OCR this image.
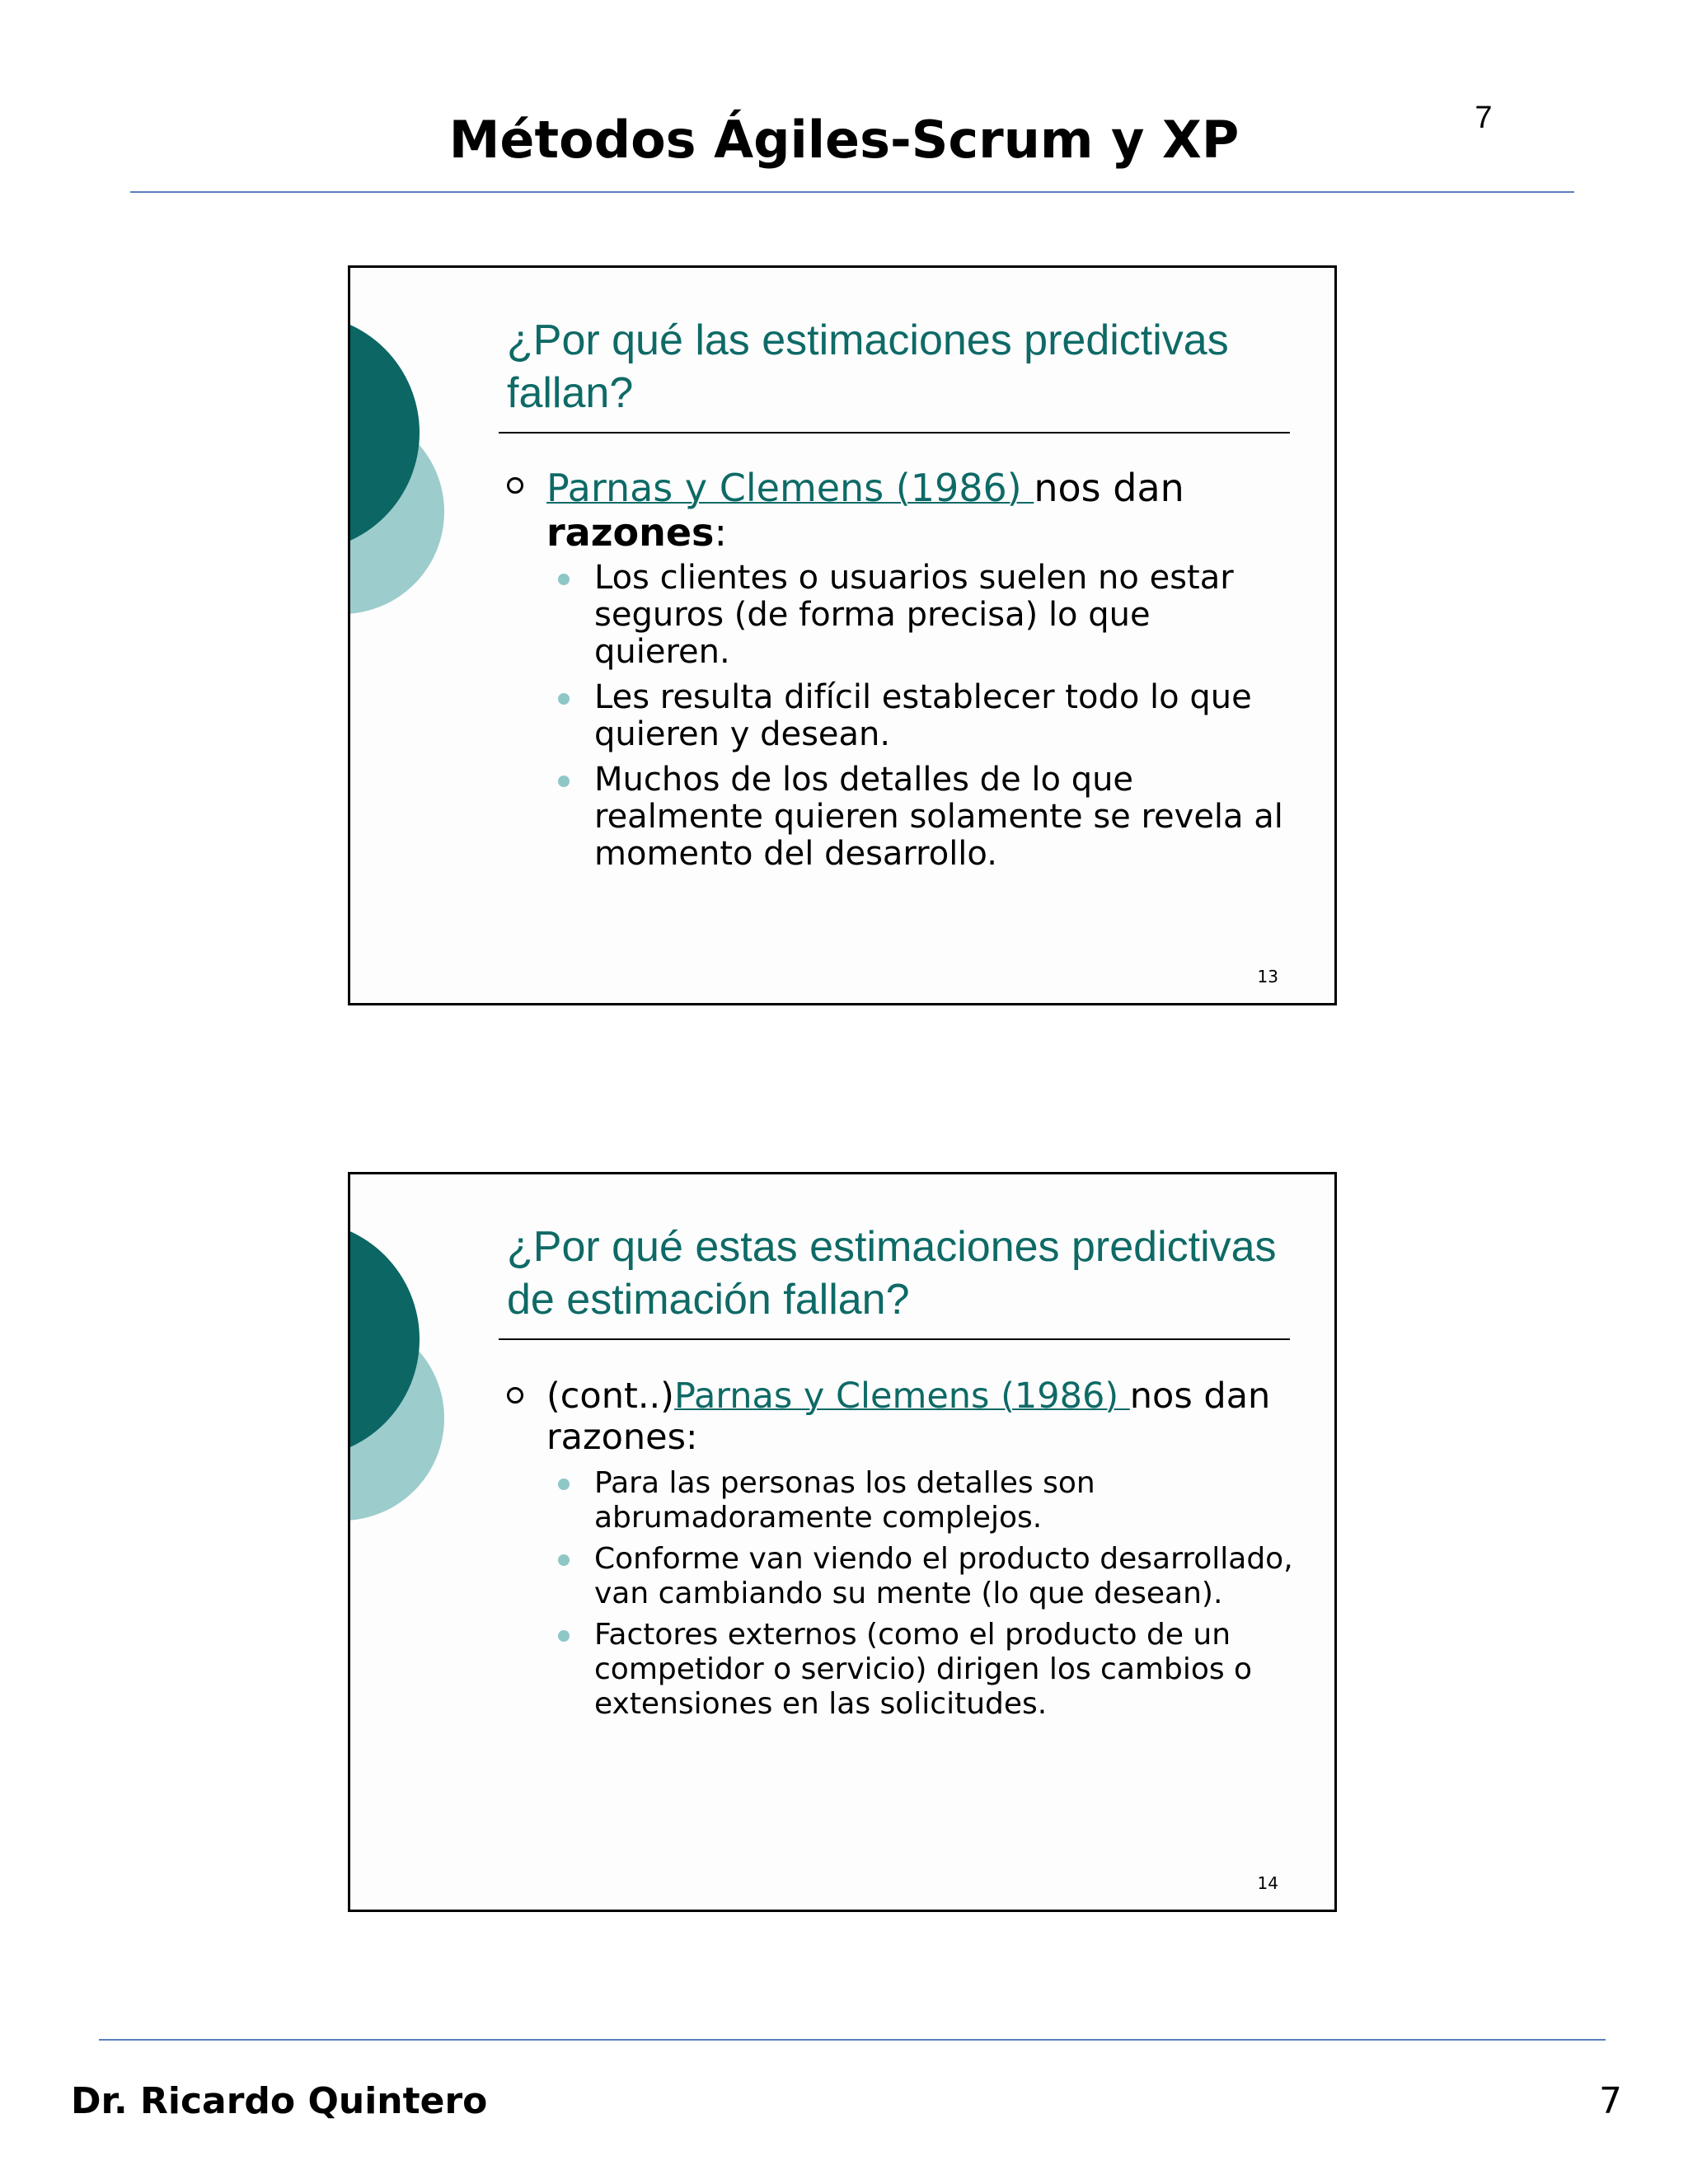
Métodos Ágiles-Scrum y XP	7
¿Por qué las estimaciones predictivas fallan?
Parnas y Clemens (1986) nos dan
razones:
Los clientes o usuarios suelen no estar seguros (de forma precisa) lo que quieren.
Les resulta difícil establecer todo lo que quieren y desean.
Muchos de los detalles de lo que realmente quieren solamente se revela al momento del desarrollo.
13
¿Por qué estas estimaciones predictivas de estimación fallan?
(cont..)Parnas y Clemens (1986) nos dan razones:
Para las personas los detalles son abrumadoramente complejos.
Conforme van viendo el producto desarrollado, van cambiando su mente (lo que desean).
Factores externos (como el producto de un competidor o servicio) dirigen los cambios o extensiones en las solicitudes.
14
Dr. Ricardo Quintero	7
